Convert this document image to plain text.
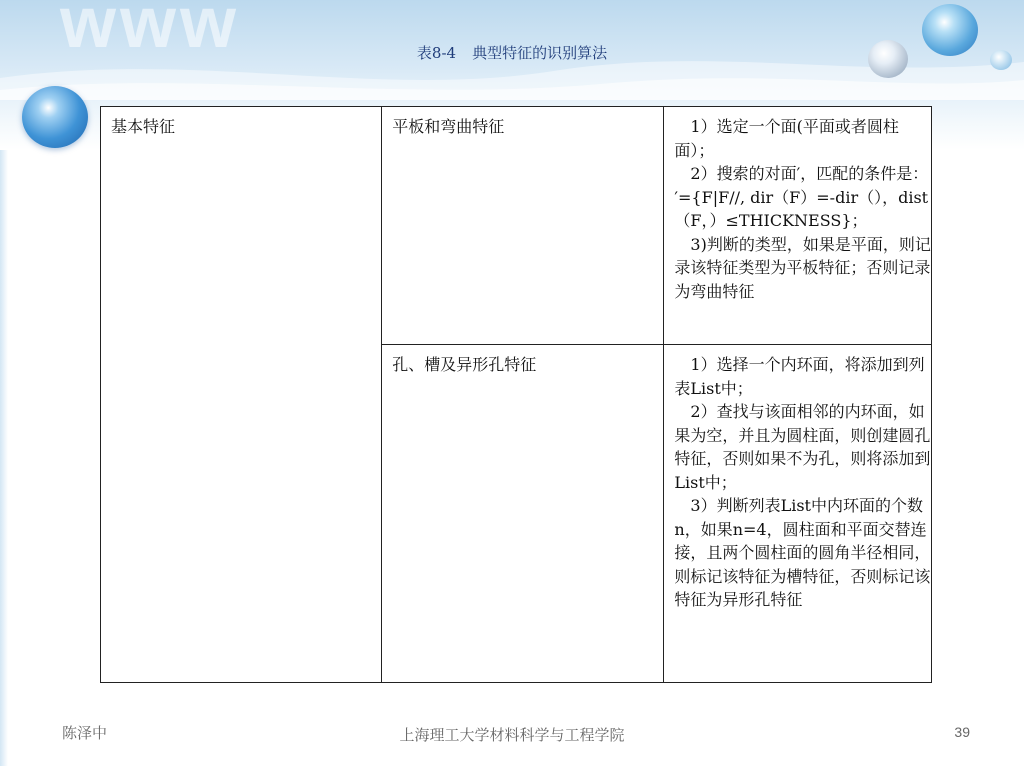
www	表8-4 典型特征的识别算法
基本特征	平板和弯曲特征	1）选定一个面(平面或者圆柱面）；

2）搜索的对面′，匹配的条件是：′={F|F//, dir（F）=-dir（），dist（F，）≤THICKNESS}；

3)判断的类型，如果是平面，则记录该特征类型为平板特征；否则记录为弯曲特征

	孔、槽及异形孔特征	1）选择一个内环面，将添加到列表List中；

2）查找与该面相邻的内环面，如果为空，并且为圆柱面，则创建圆孔特征，否则如果不为孔，则将添加到List中；

3）判断列表List中内环面的个数n，如果n=4，圆柱面和平面交替连接，且两个圆柱面的圆角半径相同，则标记该特征为槽特征，否则标记该特征为异形孔特征

陈泽中	上海理工大学材料科学与工程学院	39
